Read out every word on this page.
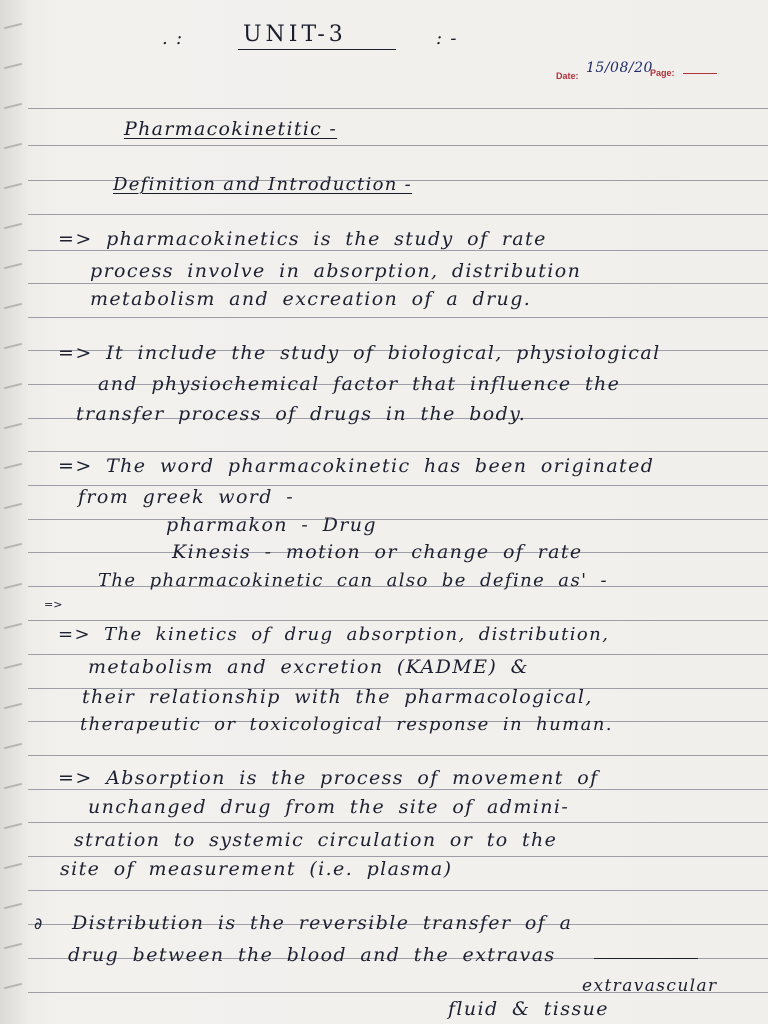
. :	UNIT-3	: -
Date: 15/08/20
Page:
Pharmacokinetitic -
Definition and Introduction -
=> pharmacokinetics is the study of rate
process involve in absorption, distribution
metabolism and excreation of a drug.
=> It include the study of biological, physiological
and physiochemical factor that influence the
transfer process of drugs in the body.
=> The word pharmacokinetic has been originated
from greek word -
pharmakon - Drug
Kinesis - motion or change of rate
The pharmacokinetic can also be define as' -
=>
=> The kinetics of drug absorption, distribution,
metabolism and excretion (KADME) &
their relationship with the pharmacological,
therapeutic or toxicological response in human.
=> Absorption is the process of movement of
unchanged drug from the site of admini-
stration to systemic circulation or to the
site of measurement (i.e. plasma)
∂ Distribution is the reversible transfer of a
drug between the blood and the extravas
extravascular
fluid & tissue
